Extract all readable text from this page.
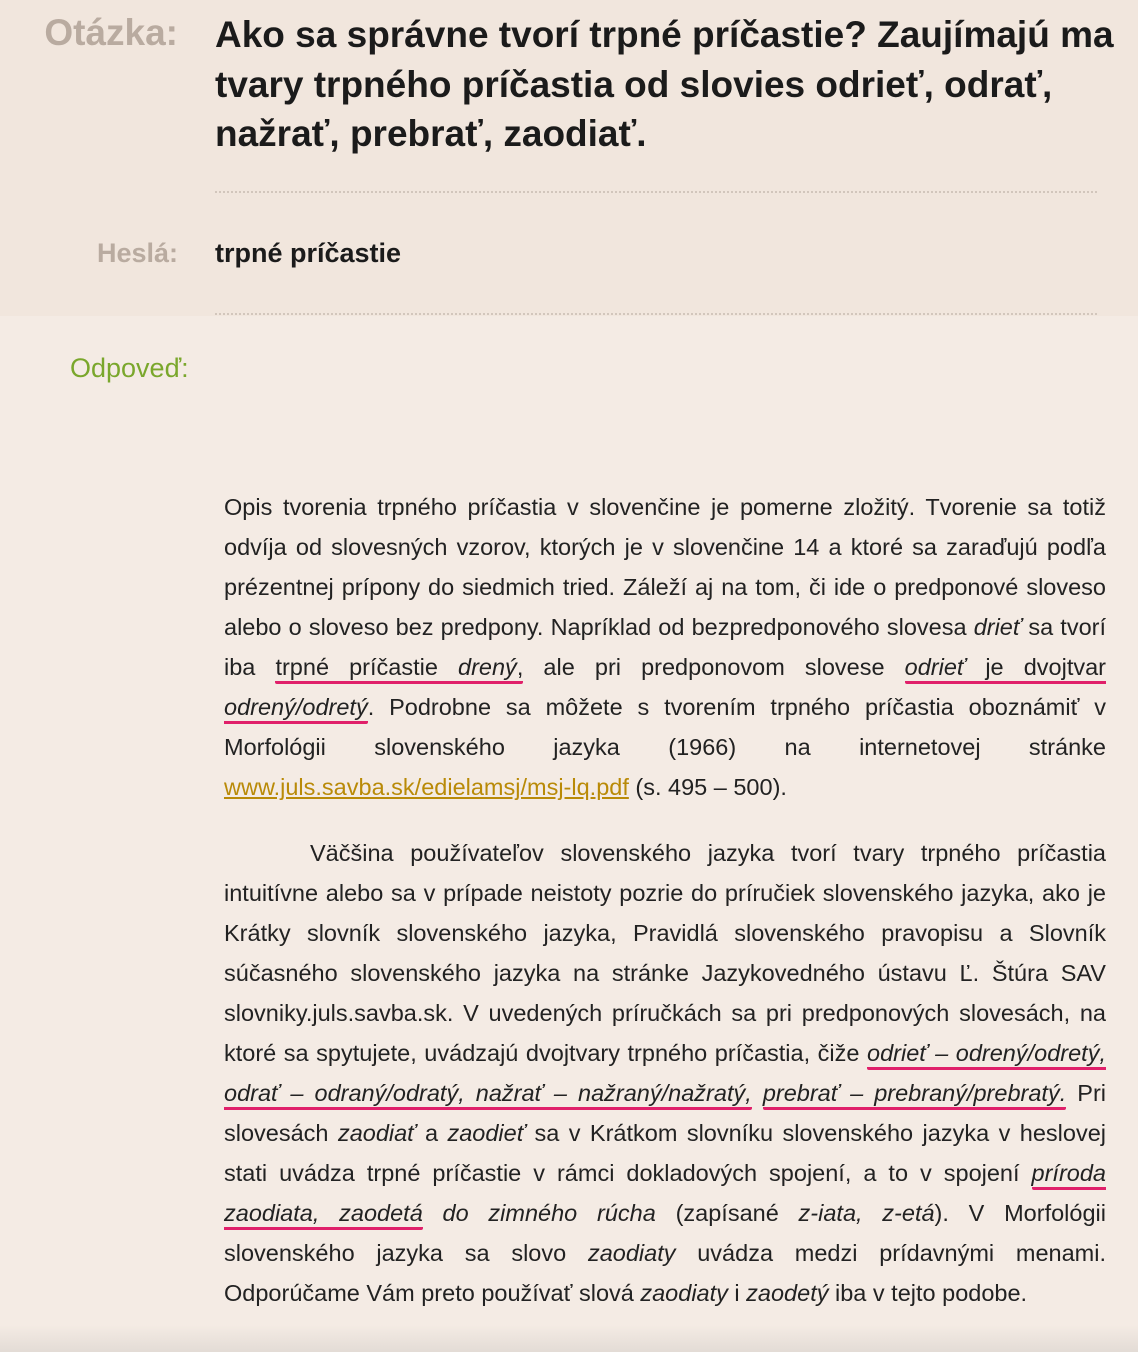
Otázka: Ako sa správne tvorí trpné príčastie? Zaujímajú ma tvary trpného príčastia od slovies odrieť, odrať, nažrať, prebrať, zaodiať.
Heslá: trpné príčastie
Odpoveď:

Opis tvorenia trpného príčastia v slovenčine je pomerne zložitý. Tvorenie sa totiž odvíja od slovesných vzorov, ktorých je v slovenčine 14 a ktoré sa zaraďujú podľa prézentnej prípony do siedmich tried. Záleží aj na tom, či ide o predponové sloveso alebo o sloveso bez predpony. Napríklad od bezpredponového slovesa drieť sa tvorí iba trpné príčastie drený, ale pri predponovom slovese odrieť je dvojtvar odrený/odretý. Podrobne sa môžete s tvorením trpného príčastia oboznámiť v Morfológii slovenského jazyka (1966) na internetovej stránke www.juls.savba.sk/edielamsj/msj-lq.pdf (s. 495 – 500).

Väčšina používateľov slovenského jazyka tvorí tvary trpného príčastia intuitívne alebo sa v prípade neistoty pozrie do príručiek slovenského jazyka, ako je Krátky slovník slovenského jazyka, Pravidlá slovenského pravopisu a Slovník súčasného slovenského jazyka na stránke Jazykovedného ústavu Ľ. Štúra SAV slovniky.juls.savba.sk. V uvedených príručkách sa pri predponových slovesách, na ktoré sa spytujete, uvádzajú dvojtvary trpného príčastia, čiže odrieť – odrený/odretý, odrať – odraný/odratý, nažrať – nažraný/nažratý, prebrať – prebraný/prebratý. Pri slovesách zaodiať a zaodieť sa v Krátkom slovníku slovenského jazyka v heslovej stati uvádza trpné príčastie v rámci dokladových spojení, a to v spojení príroda zaodiata, zaodetá do zimného rúcha (zapísané z-iata, z-etá). V Morfológii slovenského jazyka sa slovo zaodiaty uvádza medzi prídavnými menami. Odporúčame Vám preto používať slová zaodiaty i zaodetý iba v tejto podobe.
